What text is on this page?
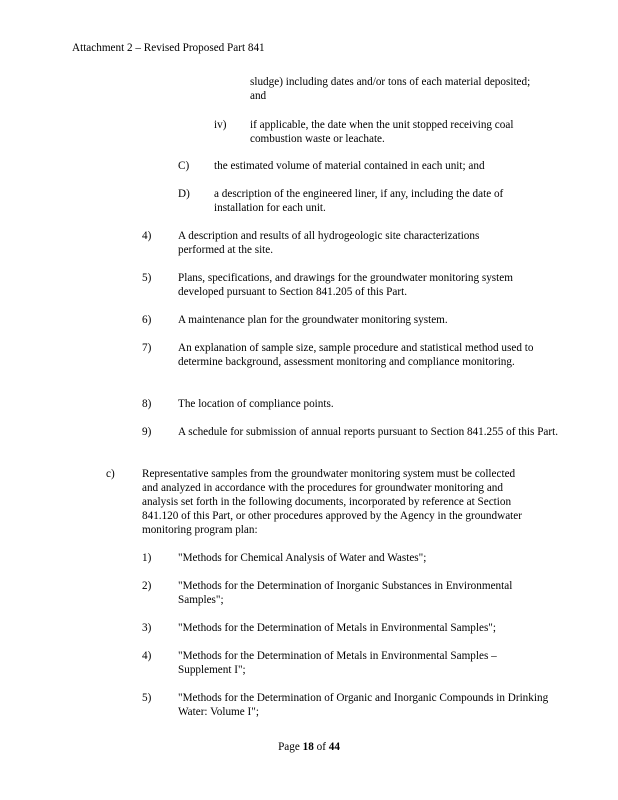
Attachment 2 – Revised Proposed Part 841
sludge) including dates and/or tons of each material deposited; and
iv) if applicable, the date when the unit stopped receiving coal combustion waste or leachate.
C) the estimated volume of material contained in each unit; and
D) a description of the engineered liner, if any, including the date of installation for each unit.
4) A description and results of all hydrogeologic site characterizations performed at the site.
5) Plans, specifications, and drawings for the groundwater monitoring system developed pursuant to Section 841.205 of this Part.
6) A maintenance plan for the groundwater monitoring system.
7) An explanation of sample size, sample procedure and statistical method used to determine background, assessment monitoring and compliance monitoring.
8) The location of compliance points.
9) A schedule for submission of annual reports pursuant to Section 841.255 of this Part.
c) Representative samples from the groundwater monitoring system must be collected and analyzed in accordance with the procedures for groundwater monitoring and analysis set forth in the following documents, incorporated by reference at Section 841.120 of this Part, or other procedures approved by the Agency in the groundwater monitoring program plan:
1) "Methods for Chemical Analysis of Water and Wastes";
2) "Methods for the Determination of Inorganic Substances in Environmental Samples";
3) "Methods for the Determination of Metals in Environmental Samples";
4) "Methods for the Determination of Metals in Environmental Samples – Supplement I";
5) "Methods for the Determination of Organic and Inorganic Compounds in Drinking Water: Volume I";
Page 18 of 44
